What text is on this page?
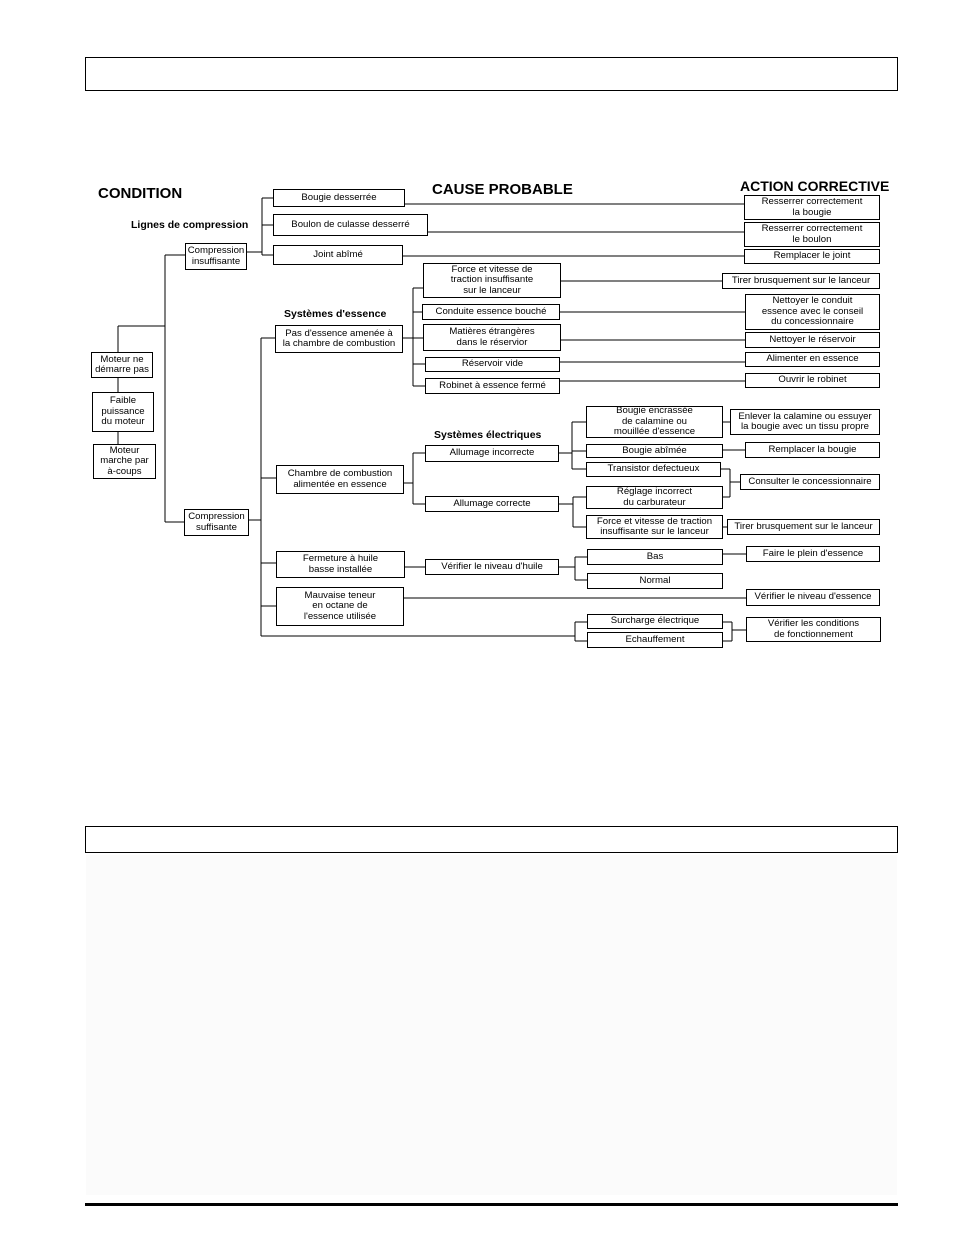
CONDITION	CAUSE PROBABLE	ACTION CORRECTIVE
Lignes de compression
Systèmes d'essence
Systèmes électriques
Moteur ne
démarre pas
Faible
puissance
du moteur
Moteur
marche par
à-coups
Compression
insuffisante
Compression
suffisante
Bougie desserrée
Boulon de culasse desserré
Joint abîmé
Pas d'essence amenée à
la chambre de combustion
Force et vitesse de
traction insuffisante
sur le lanceur
Conduite essence bouché
Matières étrangères
dans le réservior
Réservoir vide
Robinet à essence fermé
Chambre de combustion
alimentée en essence
Allumage incorrecte
Allumage correcte
Bougie encrassée
de calamine ou
mouillée d'essence
Bougie abîmée
Transistor defectueux
Réglage incorrect
du carburateur
Force et vitesse de traction
insuffisante sur le lanceur
Fermeture à huile
basse installée	Vérifier le niveau d'huile
Bas
Normal
Mauvaise teneur
en octane de
l'essence utilisée	Surcharge électrique
Echauffement
Resserrer correctement
la bougie
Resserrer correctement
le boulon
Remplacer le joint
Tirer brusquement sur le lanceur
Nettoyer le conduit
essence avec le conseil
du concessionnaire
Nettoyer le réservoir
Alimenter en essence
Ouvrir le robinet
Enlever la calamine ou essuyer
la bougie avec un tissu propre
Remplacer la bougie
Consulter le concessionnaire
Tirer brusquement sur le lanceur
Faire le plein d'essence
Vérifier le niveau d'essence
Vérifier les conditions
de fonctionnement
